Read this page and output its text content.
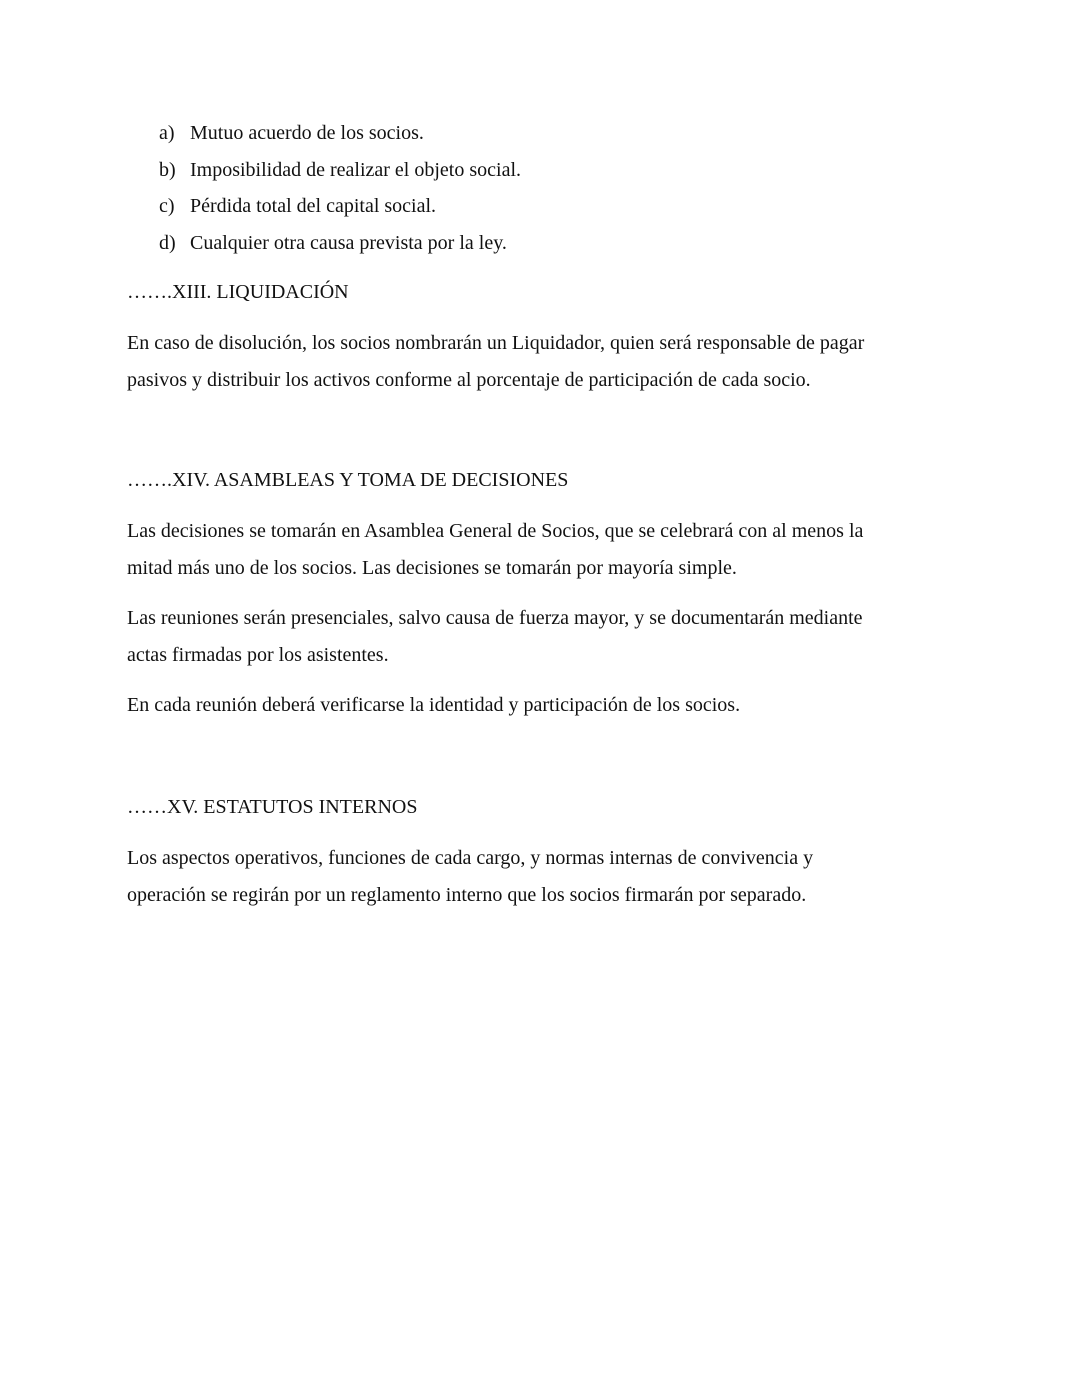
a) Mutuo acuerdo de los socios.
b) Imposibilidad de realizar el objeto social.
c) Pérdida total del capital social.
d) Cualquier otra causa prevista por la ley.
…….XIII. LIQUIDACIÓN

En caso de disolución, los socios nombrarán un Liquidador, quien será responsable de pagar
pasivos y distribuir los activos conforme al porcentaje de participación de cada socio.

…….XIV. ASAMBLEAS Y TOMA DE DECISIONES

Las decisiones se tomarán en Asamblea General de Socios, que se celebrará con al menos la
mitad más uno de los socios. Las decisiones se tomarán por mayoría simple.

Las reuniones serán presenciales, salvo causa de fuerza mayor, y se documentarán mediante
actas firmadas por los asistentes.

En cada reunión deberá verificarse la identidad y participación de los socios.

……XV. ESTATUTOS INTERNOS

Los aspectos operativos, funciones de cada cargo, y normas internas de convivencia y
operación se regirán por un reglamento interno que los socios firmarán por separado.
